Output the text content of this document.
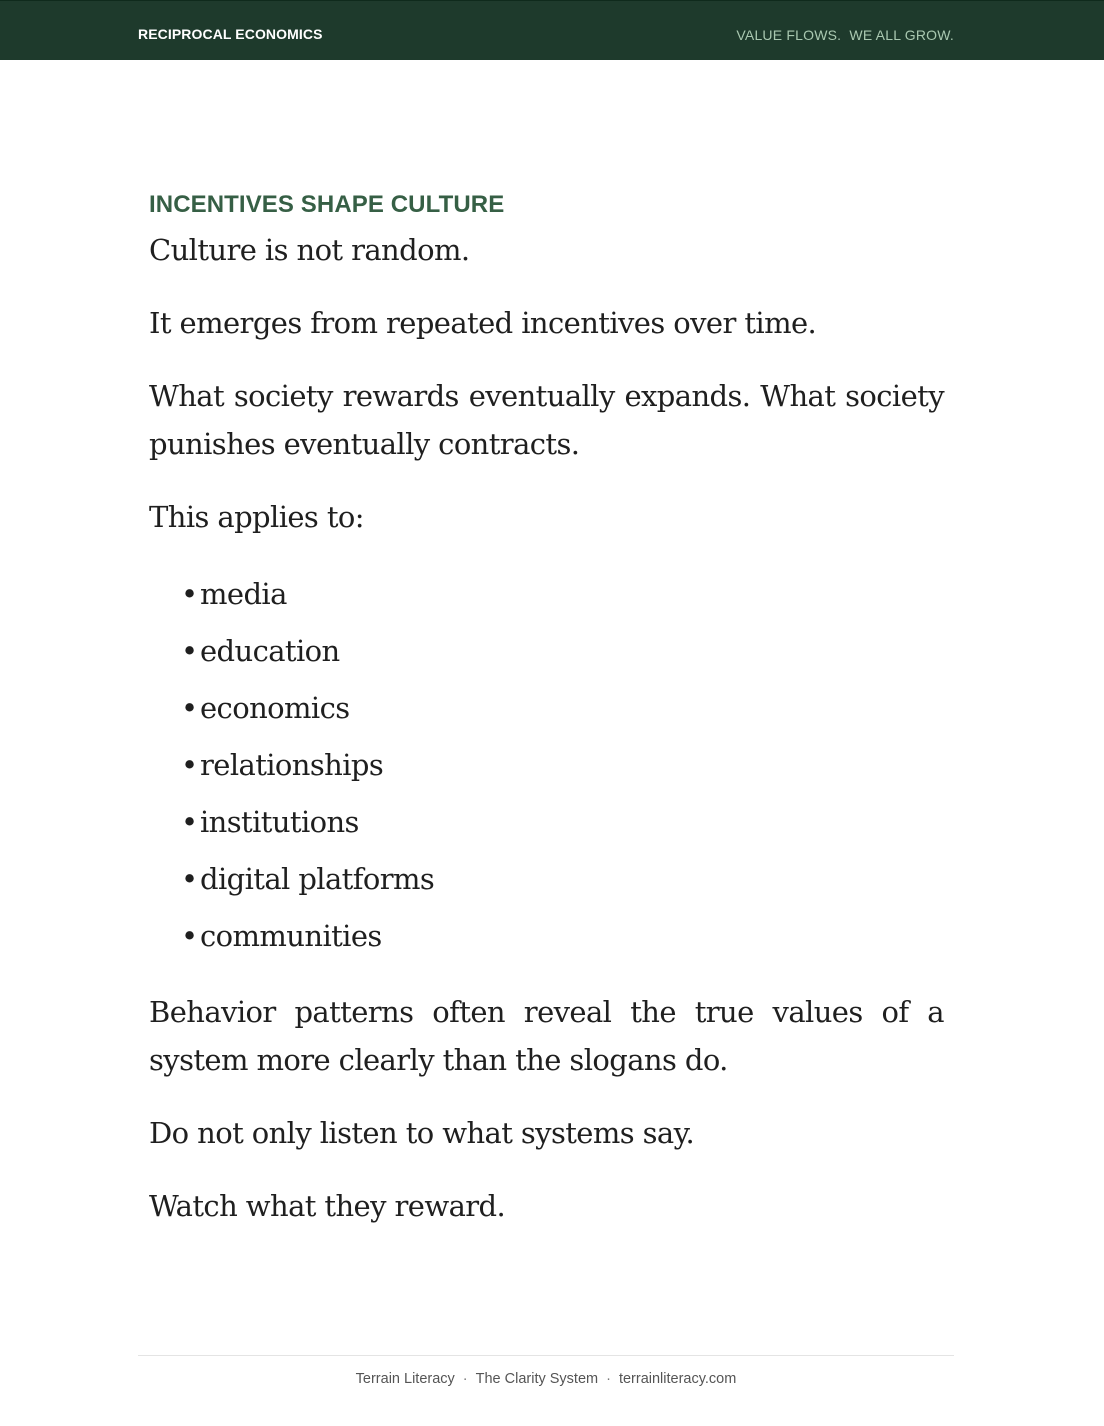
RECIPROCAL ECONOMICS	VALUE FLOWS.  WE ALL GROW.
INCENTIVES SHAPE CULTURE

Culture is not random.

It emerges from repeated incentives over time.

What society rewards eventually expands. What society punishes eventually contracts.

This applies to:

•media
•education
•economics
•relationships
•institutions
•digital platforms
•communities

Behavior patterns often reveal the true values of a system more clearly than the slogans do.

Do not only listen to what systems say.

Watch what they reward.

Terrain Literacy · The Clarity System · terrainliteracy.com
